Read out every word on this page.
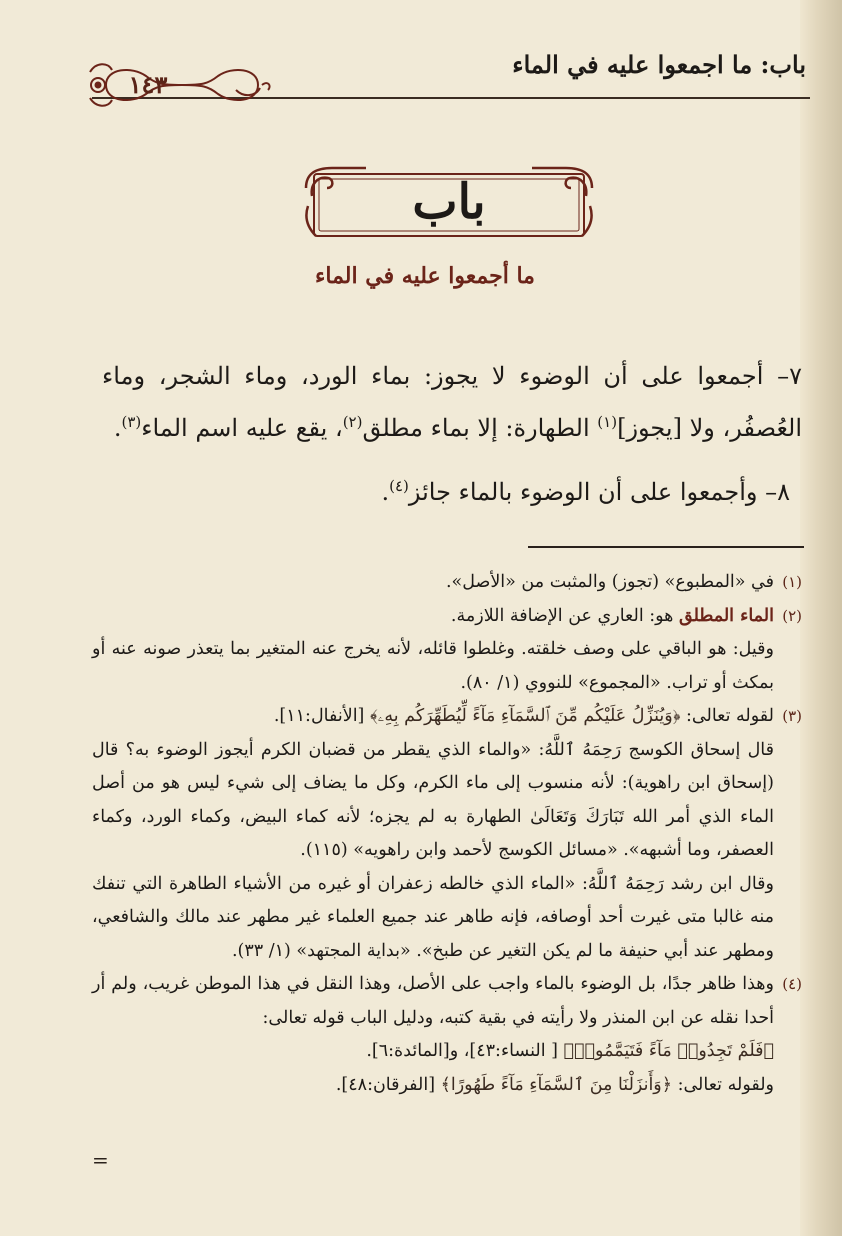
باب: ما اجمعوا عليه في الماء
١٤٣
باب
ما أجمعوا عليه في الماء
٧– أجمعوا على أن الوضوء لا يجوز: بماء الورد، وماء الشجر، وماء العُصفُر، ولا [يجوز]$^{(١)}$ الطهارة: إلا بماء مطلق$^{(٢)}$، يقع عليه اسم الماء$^{(٣)}$.
٨– وأجمعوا على أن الوضوء بالماء جائز$^{(٤)}$.
(١)
في «المطبوع» (تجوز) والمثبت من «الأصل».
(٢)
الماء المطلق هو: العاري عن الإضافة اللازمة.
وقيل: هو الباقي على وصف خلقته. وغلطوا قائله، لأنه يخرج عنه المتغير بما يتعذر صونه عنه أو بمكث أو تراب. «المجموع» للنووي (١/ ٨٠).
(٣)
لقوله تعالى: ﴿وَيُنَزِّلُ عَلَيْكُم مِّنَ ٱلسَّمَآءِ مَآءً لِّيُطَهِّرَكُم بِهِۦ﴾ [الأنفال:١١].
قال إسحاق الكوسج رَحِمَهُ ٱللَّهُ: «والماء الذي يقطر من قضبان الكرم أيجوز الوضوء به؟ قال (إسحاق ابن راهوية): لأنه منسوب إلى ماء الكرم، وكل ما يضاف إلى شيء ليس هو من أصل الماء الذي أمر الله تَبَارَكَ وَتَعَالَىٰ الطهارة به لم يجزه؛ لأنه كماء البيض، وكماء الورد، وكماء العصفر، وما أشبهه». «مسائل الكوسج لأحمد وابن راهويه» (١١٥).
وقال ابن رشد رَحِمَهُ ٱللَّهُ: «الماء الذي خالطه زعفران أو غيره من الأشياء الطاهرة التي تنفك منه غالبا متى غيرت أحد أوصافه، فإنه طاهر عند جميع العلماء غير مطهر عند مالك والشافعي، ومطهر عند أبي حنيفة ما لم يكن التغير عن طبخ». «بداية المجتهد» (١/ ٣٣).
(٤)
وهذا ظاهر جدًا، بل الوضوء بالماء واجب على الأصل، وهذا النقل في هذا الموطن غريب، ولم أر أحدا نقله عن ابن المنذر ولا رأيته في بقية كتبه، ودليل الباب قوله تعالى:
﴿فَلَمْ تَجِدُوا۟ مَآءً فَتَيَمَّمُوا۟﴾ [ النساء:٤٣]، و[المائدة:٦].
ولقوله تعالى: ﴿وَأَنزَلْنَا مِنَ ٱلسَّمَآءِ مَآءً طَهُورًا﴾ [الفرقان:٤٨].
=
